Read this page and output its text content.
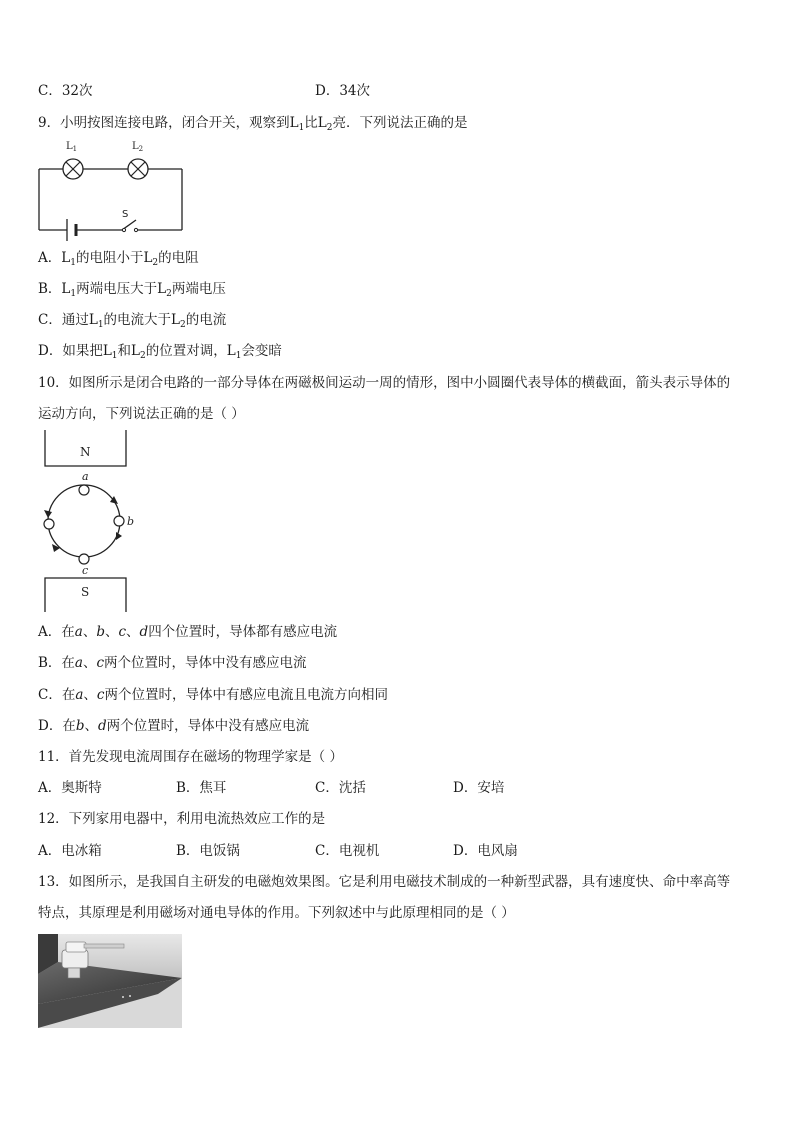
C．32次	D．34次
9．小明按图连接电路，闭合开关，观察到$L_1$比$L_2$亮．下列说法正确的是
$L_1$	$L_2$
S
A．$L_1$的电阻小于$L_2$的电阻
B．$L_1$两端电压大于$L_2$两端电压
C．通过$L_1$的电流大于$L_2$的电流
D．如果把$L_1$和$L_2$的位置对调，$L_1$会变暗
10．如图所示是闭合电路的一部分导体在两磁极间运动一周的情形，图中小圆圈代表导体的横截面，箭头表示导体的
运动方向，下列说法正确的是（ ）
N
S
a
b
c
A．在a、b、c、d四个位置时，导体都有感应电流
B．在a、c两个位置时，导体中没有感应电流
C．在a、c两个位置时，导体中有感应电流且电流方向相同
D．在b、d两个位置时，导体中没有感应电流
11．首先发现电流周围存在磁场的物理学家是（ ）
A．奥斯特	B．焦耳	C．沈括	D．安培
12．下列家用电器中，利用电流热效应工作的是
A．电冰箱	B．电饭锅	C．电视机	D．电风扇
13．如图所示，是我国自主研发的电磁炮效果图。它是利用电磁技术制成的一种新型武器，具有速度快、命中率高等
特点，其原理是利用磁场对通电导体的作用。下列叙述中与此原理相同的是（ ）
